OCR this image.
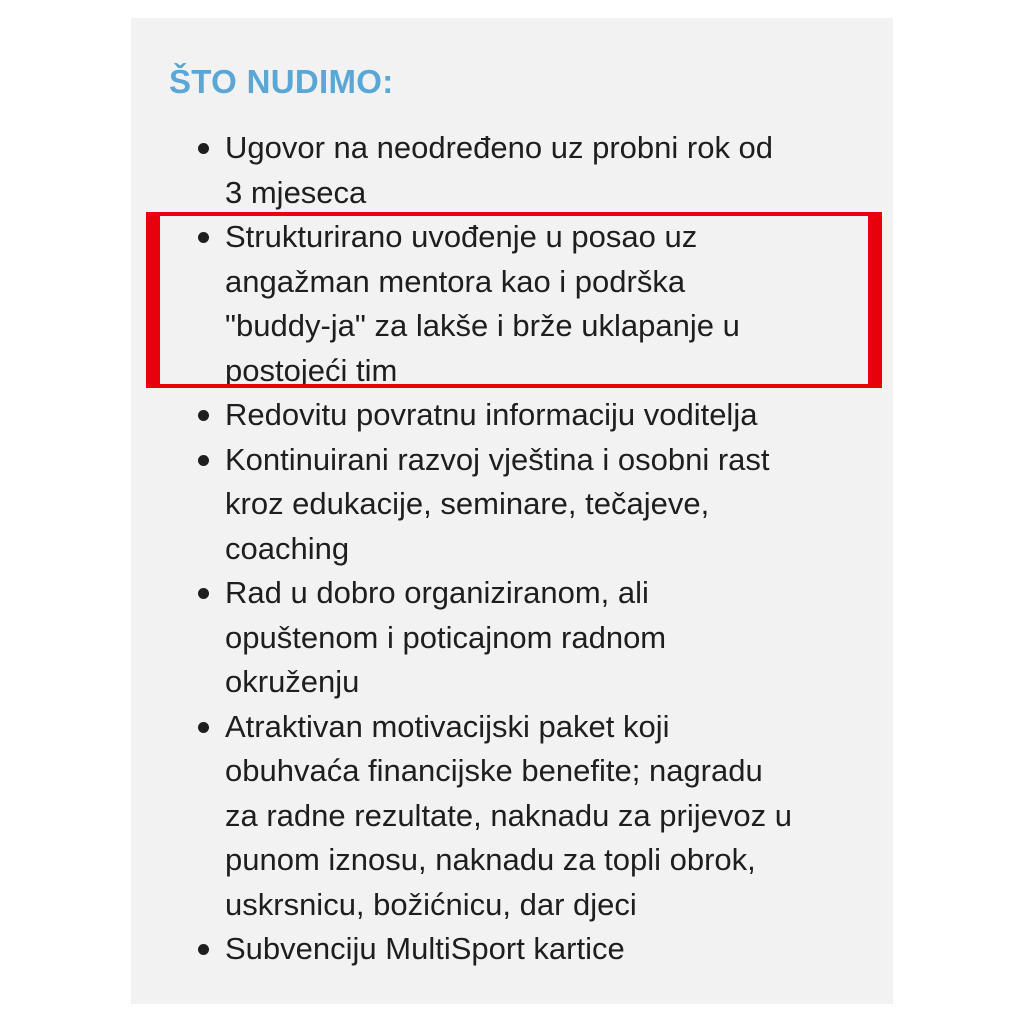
ŠTO NUDIMO:
Ugovor na neodređeno uz probni rok od 3 mjeseca
Strukturirano uvođenje u posao uz angažman mentora kao i podrška "buddy-ja" za lakše i brže uklapanje u postojeći tim
Redovitu povratnu informaciju voditelja
Kontinuirani razvoj vještina i osobni rast kroz edukacije, seminare, tečajeve, coaching
Rad u dobro organiziranom, ali opuštenom i poticajnom radnom okruženju
Atraktivan motivacijski paket koji obuhvaća financijske benefite; nagradu za radne rezultate, naknadu za prijevoz u punom iznosu, naknadu za topli obrok, uskrsnicu, božićnicu, dar djeci
Subvenciju MultiSport kartice
